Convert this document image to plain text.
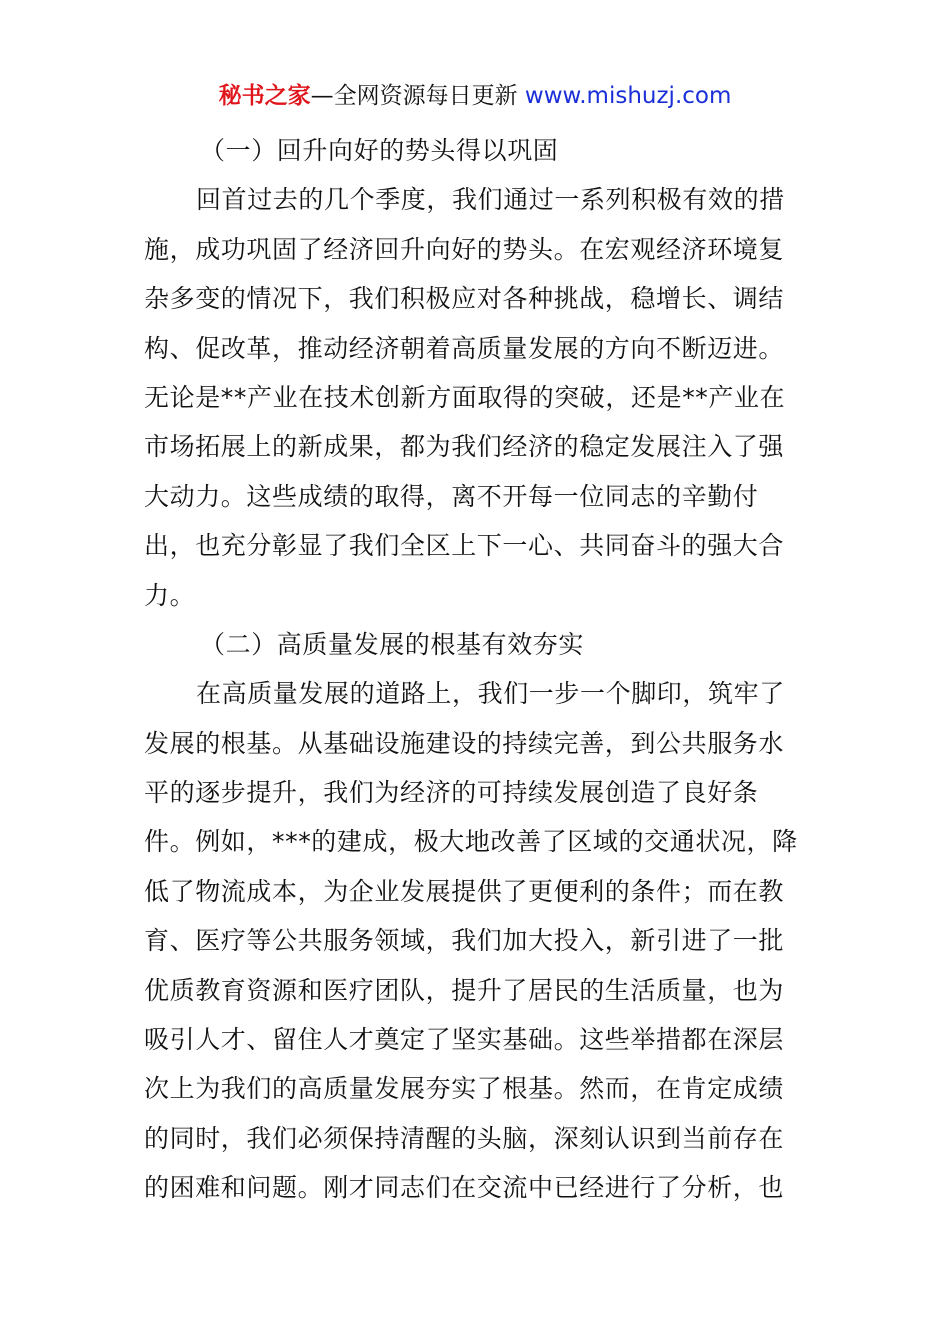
秘书之家—全网资源每日更新 www.mishuzj.com
（一）回升向好的势头得以巩固
回首过去的几个季度，我们通过一系列积极有效的措
施，成功巩固了经济回升向好的势头。在宏观经济环境复
杂多变的情况下，我们积极应对各种挑战，稳增长、调结
构、促改革，推动经济朝着高质量发展的方向不断迈进。
无论是**产业在技术创新方面取得的突破，还是**产业在
市场拓展上的新成果，都为我们经济的稳定发展注入了强
大动力。这些成绩的取得，离不开每一位同志的辛勤付
出，也充分彰显了我们全区上下一心、共同奋斗的强大合
力。
（二）高质量发展的根基有效夯实
在高质量发展的道路上，我们一步一个脚印，筑牢了
发展的根基。从基础设施建设的持续完善，到公共服务水
平的逐步提升，我们为经济的可持续发展创造了良好条
件。例如，***的建成，极大地改善了区域的交通状况，降
低了物流成本，为企业发展提供了更便利的条件；而在教
育、医疗等公共服务领域，我们加大投入，新引进了一批
优质教育资源和医疗团队，提升了居民的生活质量，也为
吸引人才、留住人才奠定了坚实基础。这些举措都在深层
次上为我们的高质量发展夯实了根基。然而，在肯定成绩
的同时，我们必须保持清醒的头脑，深刻认识到当前存在
的困难和问题。刚才同志们在交流中已经进行了分析，也
